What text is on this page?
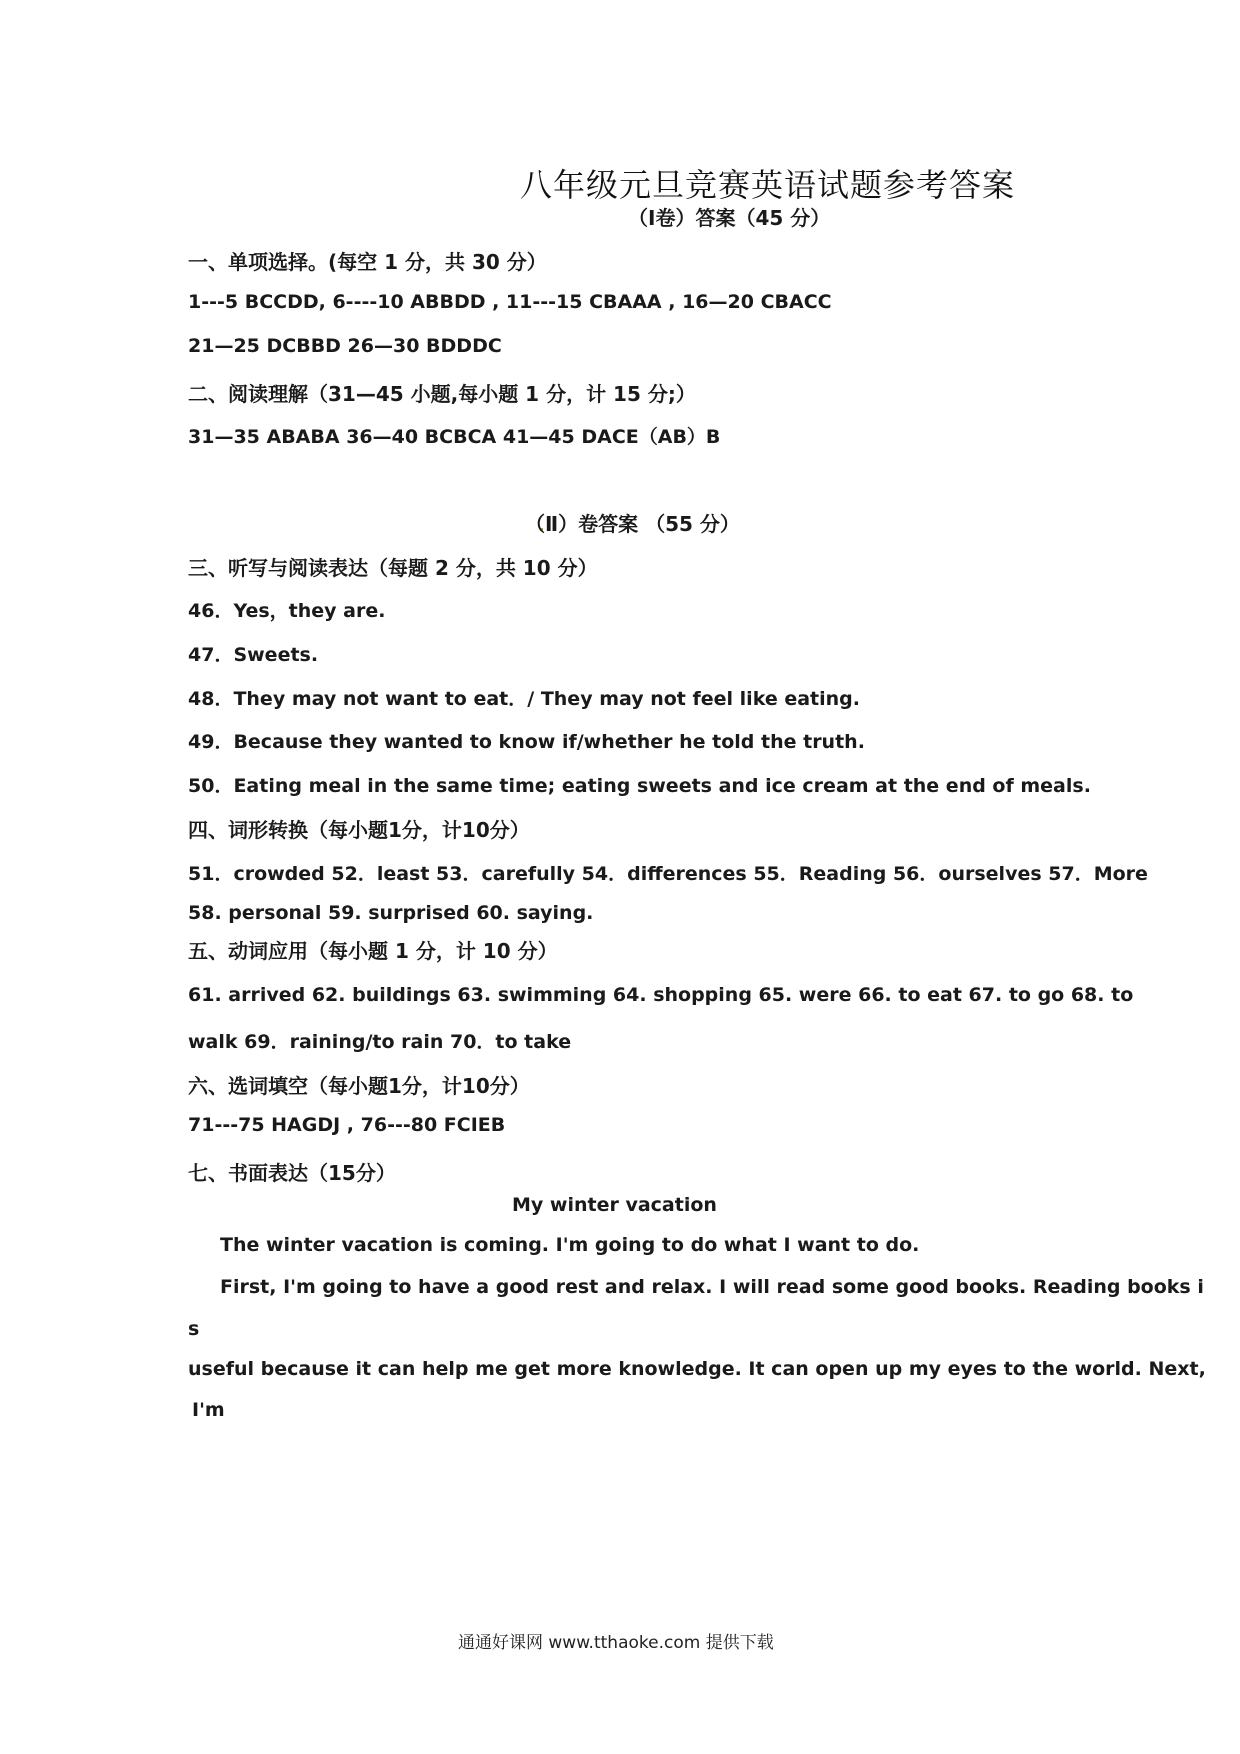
八年级元旦竞赛英语试题参考答案
（Ⅰ卷）答案（45 分）
一、单项选择。(每空 1 分，共 30 分）
1---5 BCCDD, 6----10 ABBDD , 11---15 CBAAA , 16—20 CBACC
21—25 DCBBD 26—30 BDDDC
二、阅读理解（31—45 小题,每小题 1 分，计 15 分;）
31—35 ABABA 36—40 BCBCA 41—45 DACE（AB）B
（Ⅱ）卷答案 （55 分）
三、听写与阅读表达（每题 2 分，共 10 分）
46．Yes，they are.
47．Sweets.
48．They may not want to eat．/ They may not feel like eating.
49．Because they wanted to know if/whether he told the truth.
50．Eating meal in the same time; eating sweets and ice cream at the end of meals.
四、词形转换（每小题1分，计10分）
51．crowded 52．least 53．carefully 54．differences 55．Reading 56．ourselves 57．More
58. personal 59. surprised 60. saying.
五、动词应用（每小题 1 分，计 10 分）
61. arrived 62. buildings 63. swimming 64. shopping 65. were 66. to eat 67. to go 68. to
walk 69．raining/to rain 70．to take
六、选词填空（每小题1分，计10分）
71---75 HAGDJ , 76---80 FCIEB
七、书面表达（15分）
My winter vacation
The winter vacation is coming. I'm going to do what I want to do.
First, I'm going to have a good rest and relax. I will read some good books. Reading books i
s
useful because it can help me get more knowledge. It can open up my eyes to the world. Next,
I'm
通通好课网 www.tthaoke.com 提供下载
